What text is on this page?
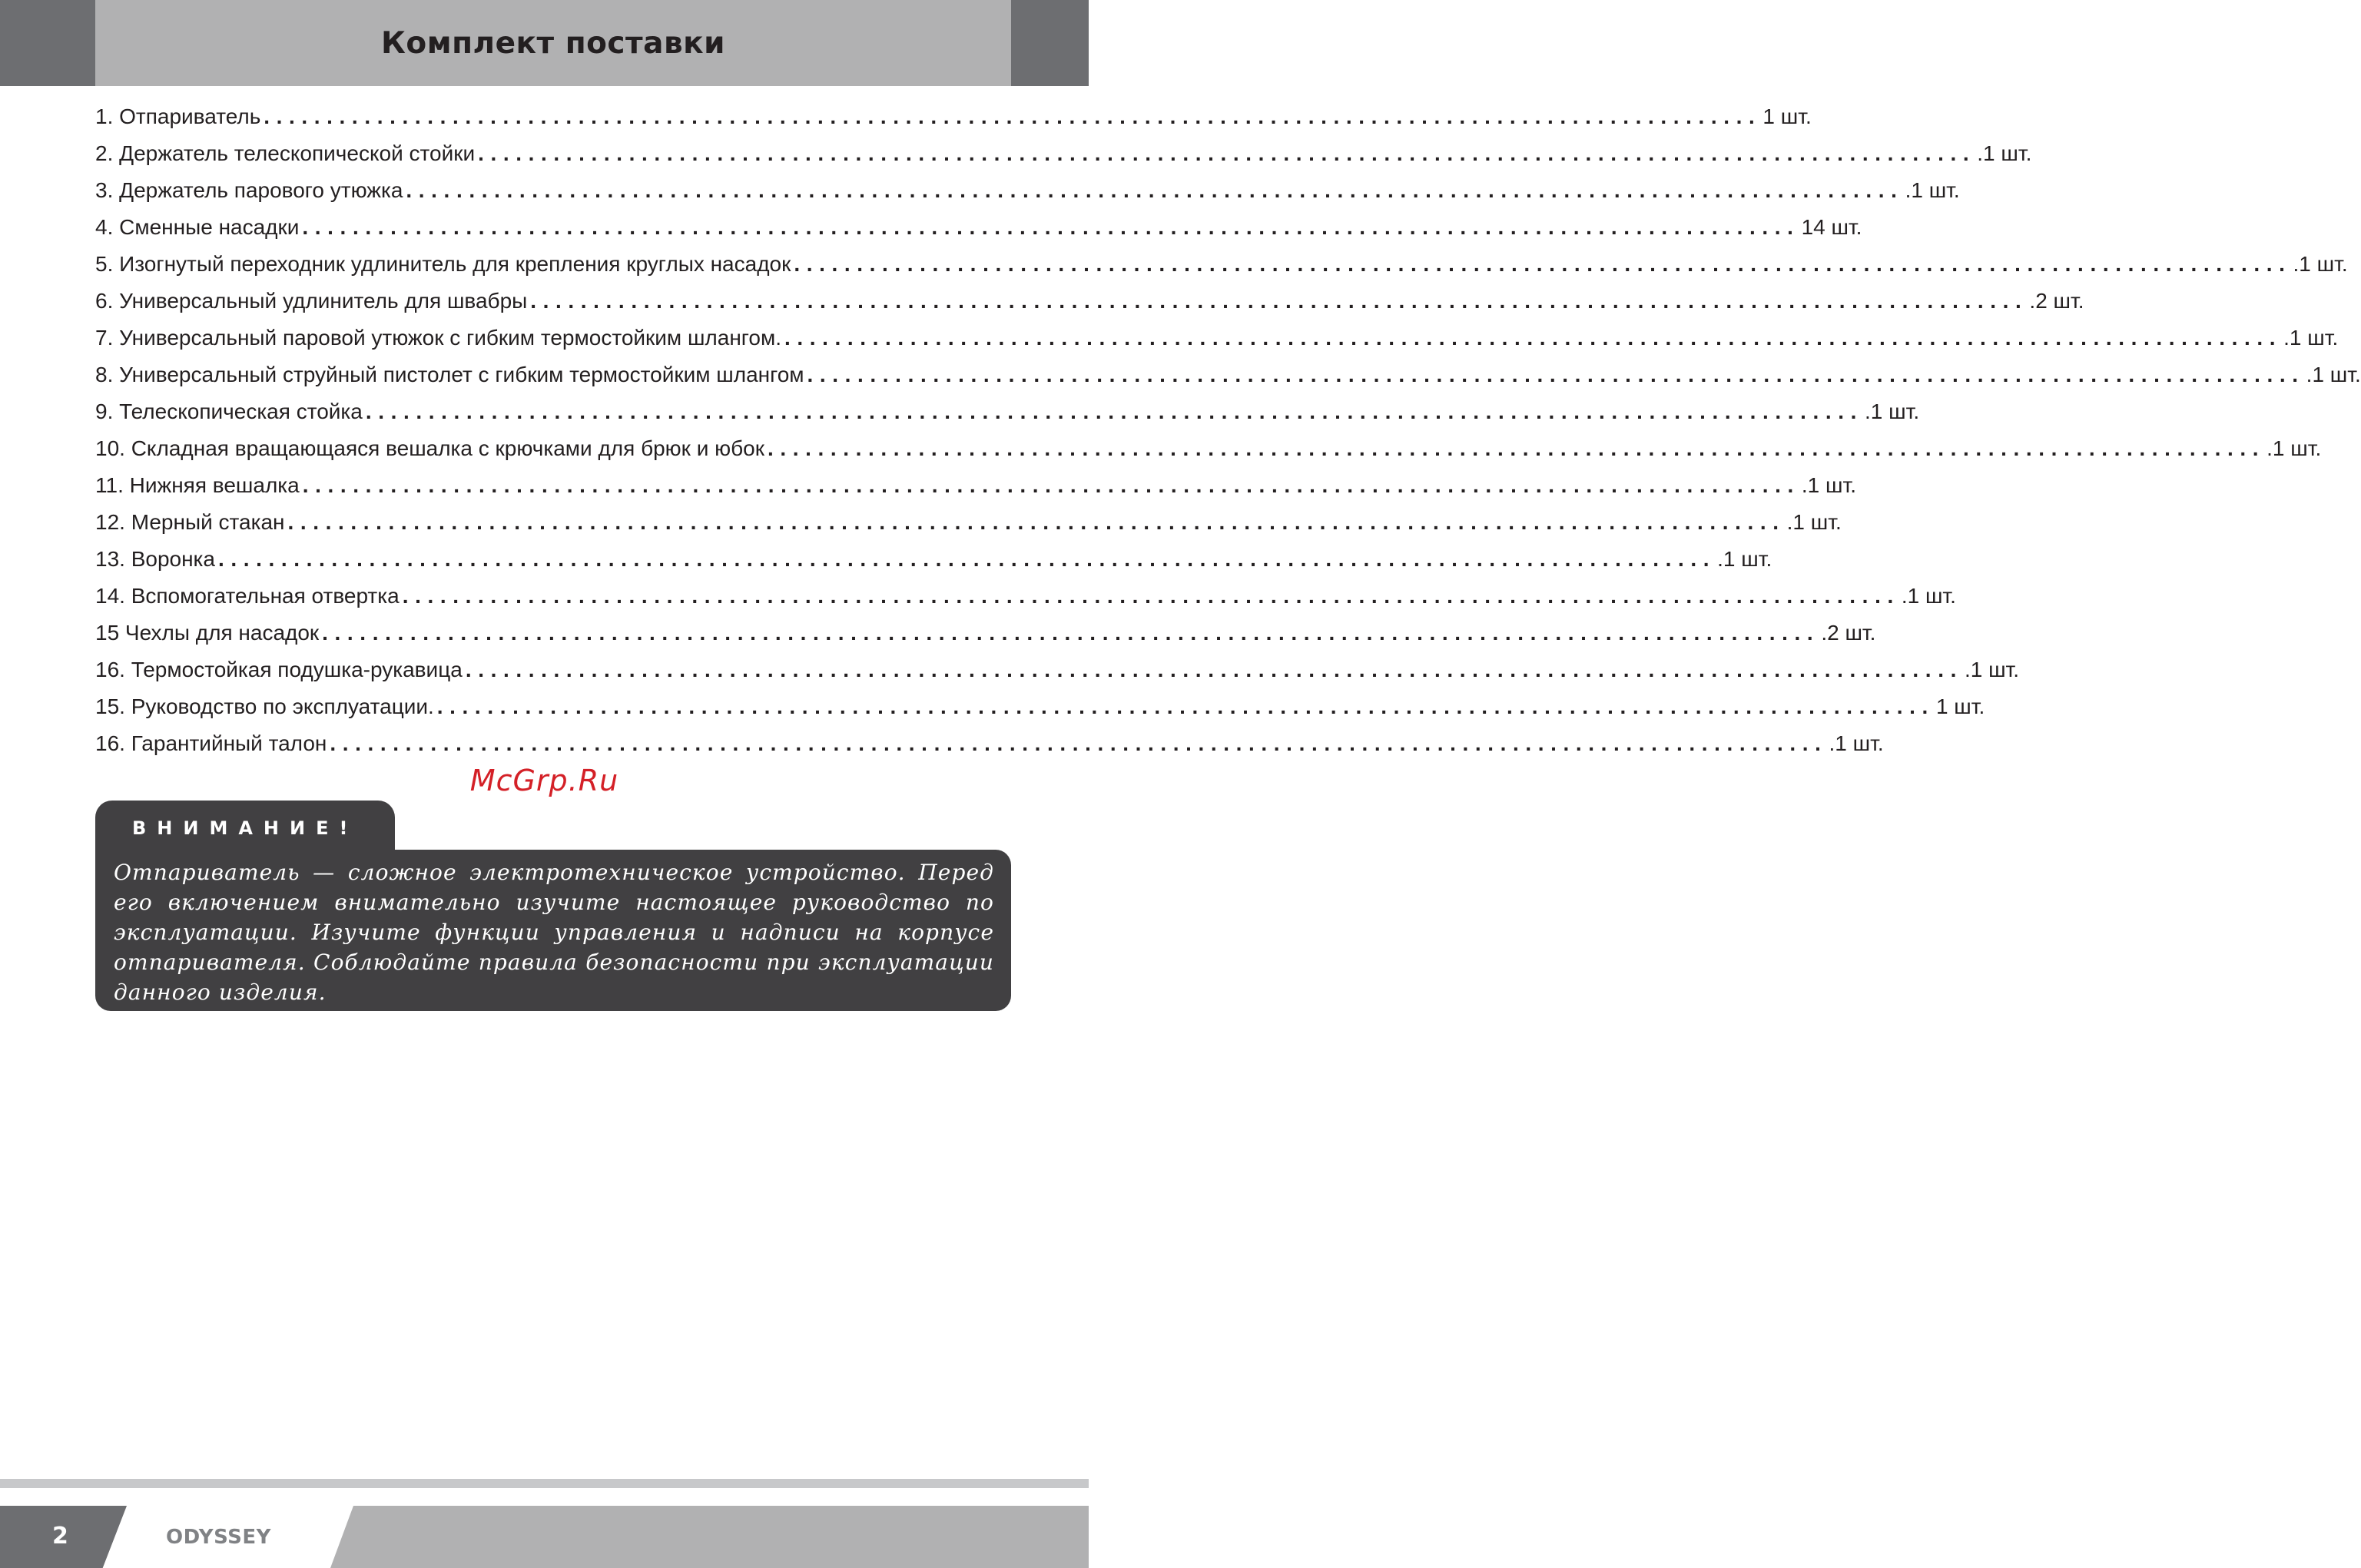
Комплект поставки
1. Отпариватель ....................................................................................................................... 1 шт.
2. Держатель телескопической стойки ....................................................................................................................... .1 шт.
3. Держатель парового утюжка ....................................................................................................................... .1 шт.
4. Сменные насадки ....................................................................................................................... 14 шт.
5. Изогнутый переходник удлинитель для крепления круглых насадок ....................................................................................................................... .1 шт.
6. Универсальный удлинитель для швабры ....................................................................................................................... .2 шт.
7. Универсальный паровой утюжок с гибким термостойким шлангом. ....................................................................................................................... .1 шт.
8. Универсальный струйный пистолет с гибким термостойким шлангом ....................................................................................................................... .1 шт.
9. Телескопическая стойка ....................................................................................................................... .1 шт.
10. Складная вращающаяся вешалка с крючками для брюк и юбок ....................................................................................................................... .1 шт.
11. Нижняя вешалка ....................................................................................................................... .1 шт.
12. Мерный стакан ....................................................................................................................... .1 шт.
13. Воронка ....................................................................................................................... .1 шт.
14. Вспомогательная отвертка ....................................................................................................................... .1 шт.
15 Чехлы для насадок ....................................................................................................................... .2 шт.
16. Термостойкая подушка-рукавица ....................................................................................................................... .1 шт.
15. Руководство по эксплуатации. ....................................................................................................................... 1 шт.
16. Гарантийный талон ....................................................................................................................... .1 шт.
McGrp.Ru
ВНИМАНИЕ!

Отпариватель — сложное электротехническое устройство. Перед его включением внимательно изучите настоящее руководство по эксплуатации. Изучите функции управления и надписи на корпусе отпаривателя. Соблюдайте правила безопасности при эксплуатации данного изделия.

2	ODYSSEY
